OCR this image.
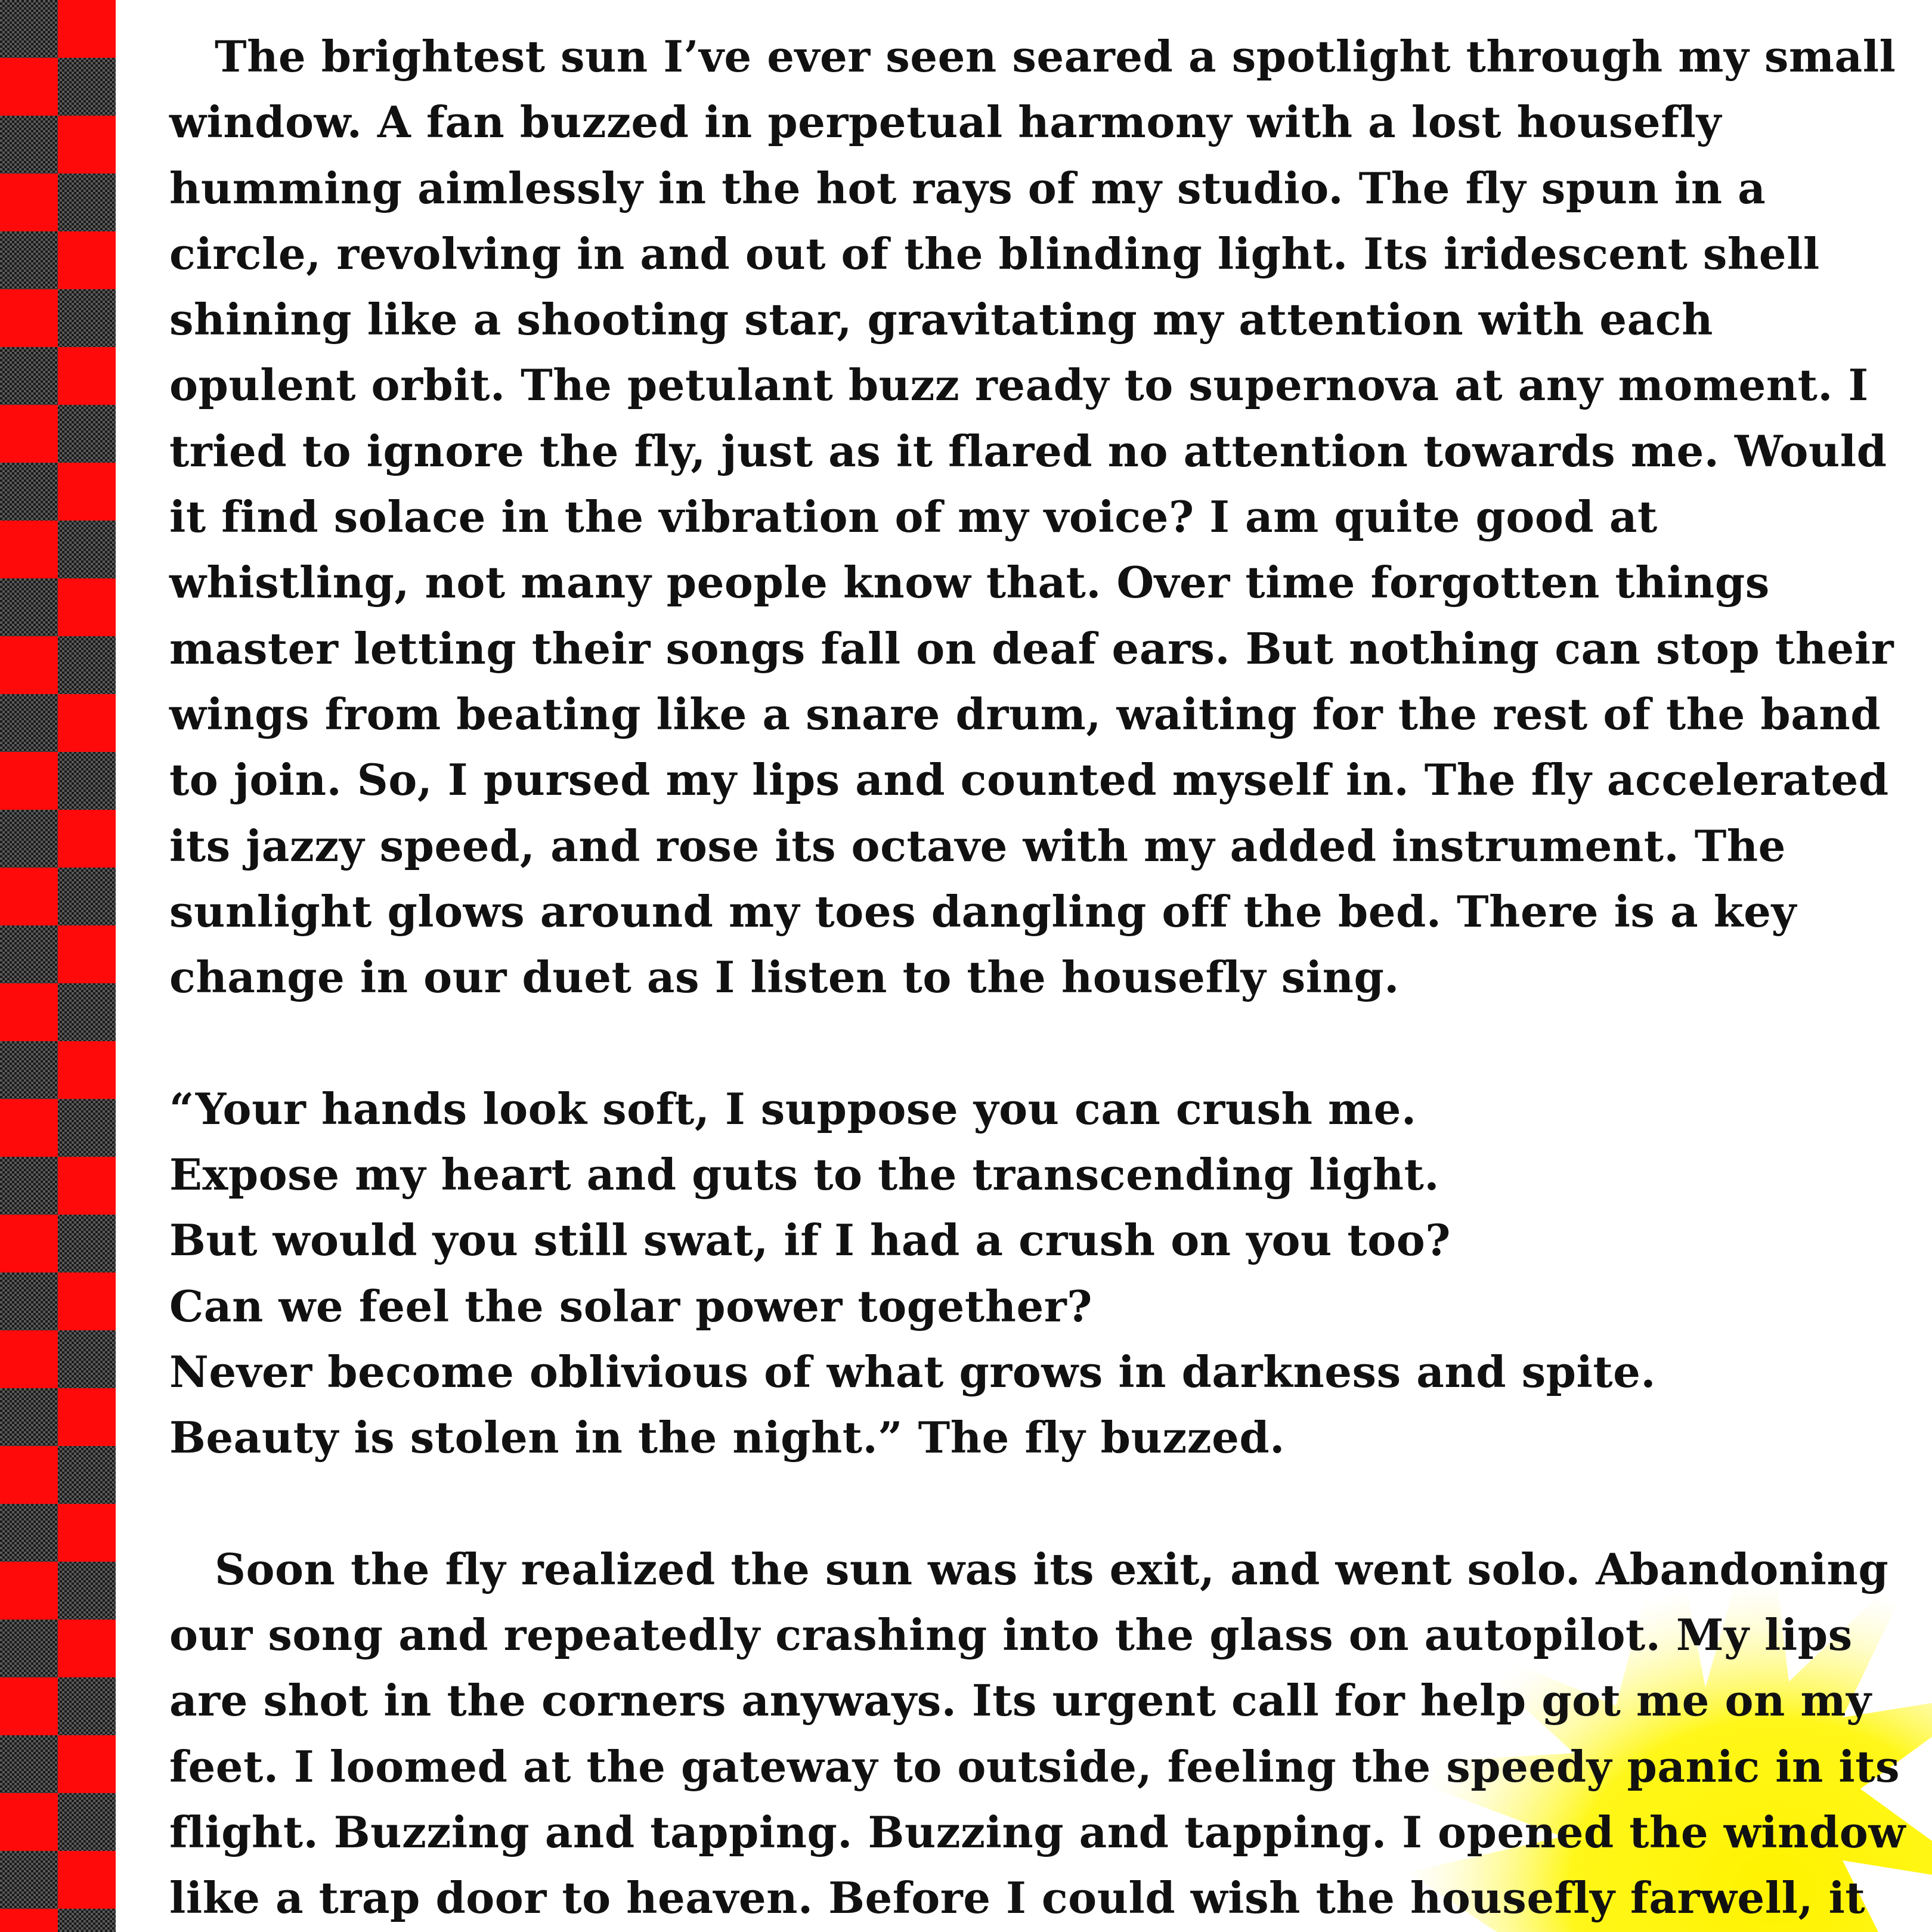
The brightest sun I’ve ever seen seared a spotlight through my small
window. A fan buzzed in perpetual harmony with a lost housefly
humming aimlessly in the hot rays of my studio. The fly spun in a
circle, revolving in and out of the blinding light. Its iridescent shell
shining like a shooting star, gravitating my attention with each
opulent orbit. The petulant buzz ready to supernova at any moment. I
tried to ignore the fly, just as it flared no attention towards me. Would
it find solace in the vibration of my voice? I am quite good at
whistling, not many people know that. Over time forgotten things
master letting their songs fall on deaf ears. But nothing can stop their
wings from beating like a snare drum, waiting for the rest of the band
to join. So, I pursed my lips and counted myself in. The fly accelerated
its jazzy speed, and rose its octave with my added instrument. The
sunlight glows around my toes dangling off the bed. There is a key
change in our duet as I listen to the housefly sing.
“Your hands look soft, I suppose you can crush me.
Expose my heart and guts to the transcending light.
But would you still swat, if I had a crush on you too?
Can we feel the solar power together?
Never become oblivious of what grows in darkness and spite.
Beauty is stolen in the night.” The fly buzzed.
Soon the fly realized the sun was its exit, and went solo. Abandoning
our song and repeatedly crashing into the glass on autopilot. My lips
are shot in the corners anyways. Its urgent call for help got me on my
feet. I loomed at the gateway to outside, feeling the speedy panic in its
flight. Buzzing and tapping. Buzzing and tapping. I opened the window
like a trap door to heaven. Before I could wish the housefly farwell, it
